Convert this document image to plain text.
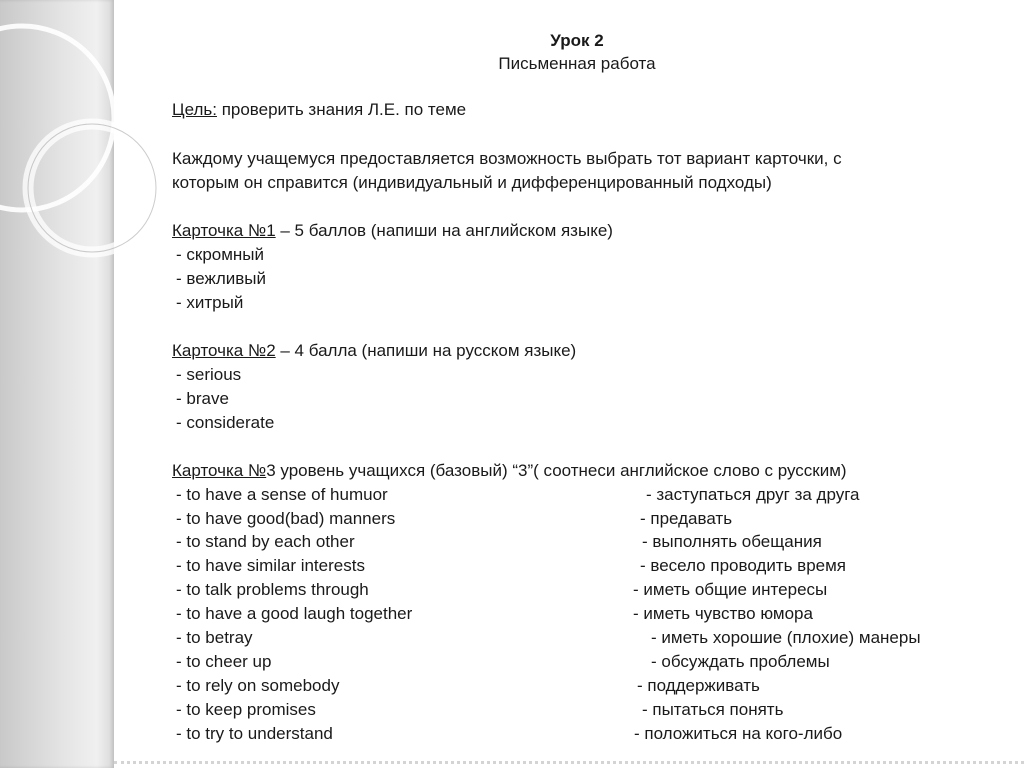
Урок 2
Письменная работа
Цель: проверить знания Л.Е. по теме
Каждому учащемуся предоставляется возможность выбрать тот вариант карточки, с
которым он справится (индивидуальный и дифференцированный подходы)
Карточка №1 – 5 баллов (напиши на английском языке)
- скромный
- вежливый
- хитрый
Карточка №2 – 4 балла (напиши на русском языке)
- serious
- brave
- considerate
Карточка №3 уровень учащихся (базовый) “3”( соотнеси английское слово с русским)
- to have a sense of humuor
- to have good(bad) manners
- to stand by each other
- to have similar interests
- to talk problems through
- to have a good laugh together
- to betray
- to cheer up
- to rely on somebody
- to keep promises
- to try to understand
- заступаться друг за друга
- предавать
- выполнять обещания
- весело проводить время
- иметь общие интересы
- иметь чувство юмора
- иметь хорошие (плохие) манеры
- обсуждать проблемы
- поддерживать
- пытаться понять
- положиться на кого-либо
